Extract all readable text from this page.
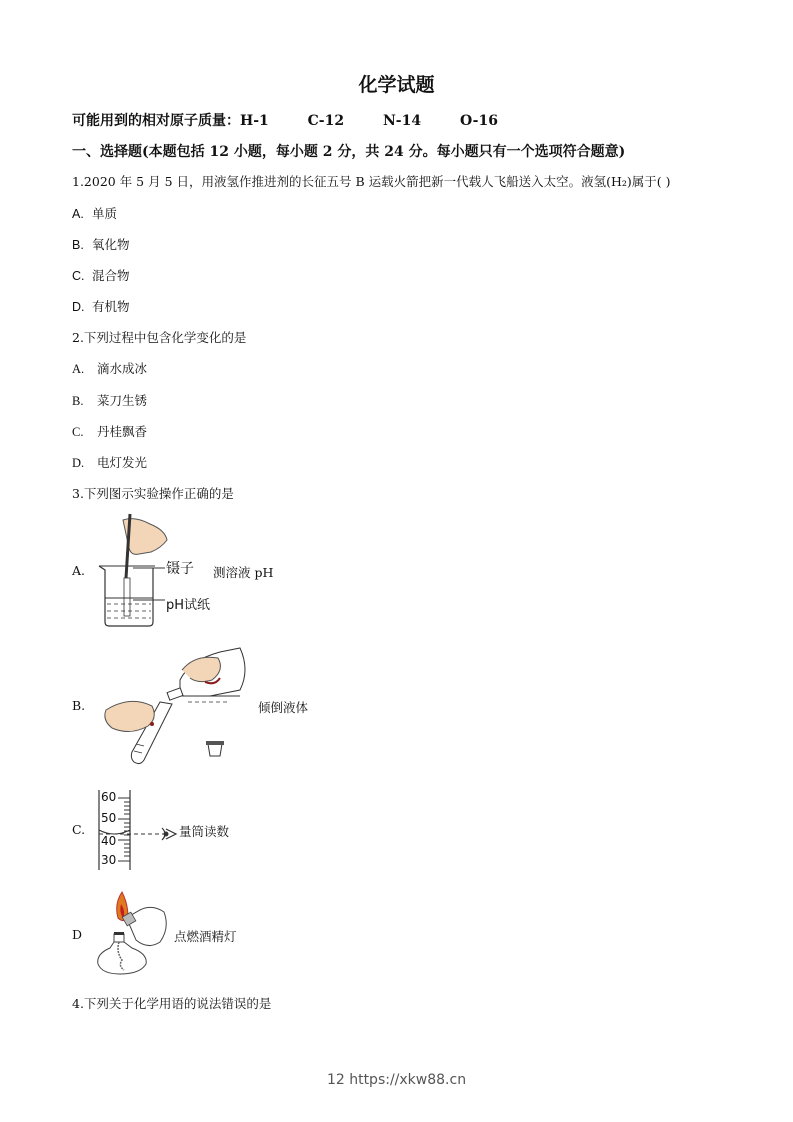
化学试题
可能用到的相对原子质量：H-1	C-12	N-14	O-16
一、选择题(本题包括 12 小题，每小题 2 分，共 24 分。每小题只有一个选项符合题意)
1.2020 年 5 月 5 日，用液氢作推进剂的长征五号 B 运载火箭把新一代载人飞船送入太空。液氢(H₂)属于( )
A. 单质
B. 氧化物
C. 混合物
D. 有机物
2.下列过程中包含化学变化的是
A. 滴水成冰
B. 菜刀生锈
C. 丹桂飘香
D. 电灯发光
3.下列图示实验操作正确的是
A.	镊子
pH试纸
测溶液 pH
B.	倾倒液体
C.
60
50
40
30
量筒读数
D	点燃酒精灯
4.下列关于化学用语的说法错误的是
12 https://xkw88.cn
